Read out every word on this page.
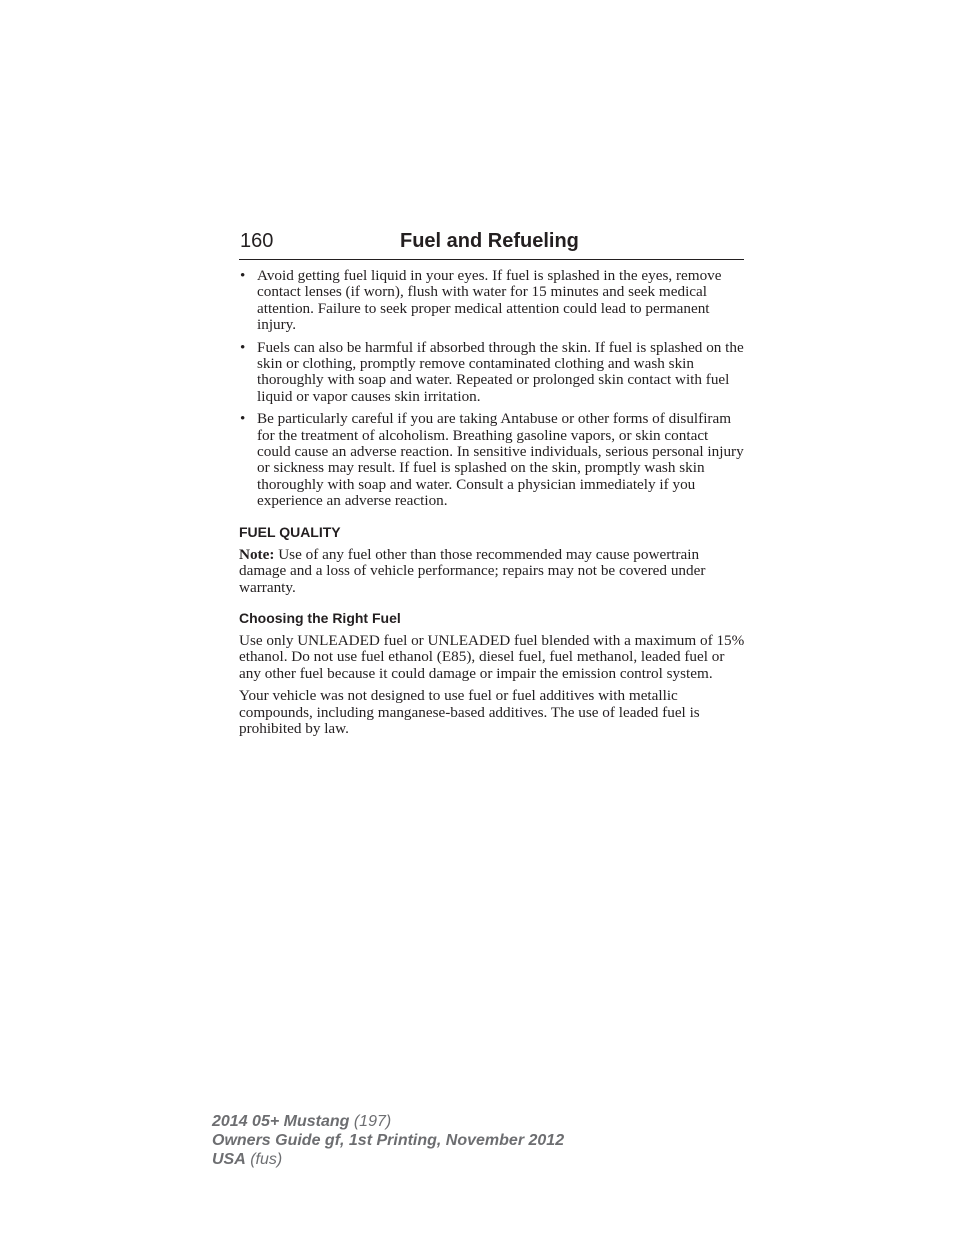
160	Fuel and Refueling
• Avoid getting fuel liquid in your eyes. If fuel is splashed in the eyes, remove contact lenses (if worn), flush with water for 15 minutes and seek medical attention. Failure to seek proper medical attention could lead to permanent injury.
• Fuels can also be harmful if absorbed through the skin. If fuel is splashed on the skin or clothing, promptly remove contaminated clothing and wash skin thoroughly with soap and water. Repeated or prolonged skin contact with fuel liquid or vapor causes skin irritation.
• Be particularly careful if you are taking Antabuse or other forms of disulfiram for the treatment of alcoholism. Breathing gasoline vapors, or skin contact could cause an adverse reaction. In sensitive individuals, serious personal injury or sickness may result. If fuel is splashed on the skin, promptly wash skin thoroughly with soap and water. Consult a physician immediately if you experience an adverse reaction.
FUEL QUALITY

Note: Use of any fuel other than those recommended may cause powertrain damage and a loss of vehicle performance; repairs may not be covered under warranty.

Choosing the Right Fuel

Use only UNLEADED fuel or UNLEADED fuel blended with a maximum of 15% ethanol. Do not use fuel ethanol (E85), diesel fuel, fuel methanol, leaded fuel or any other fuel because it could damage or impair the emission control system.

Your vehicle was not designed to use fuel or fuel additives with metallic compounds, including manganese-based additives. The use of leaded fuel is prohibited by law.

2014 05+ Mustang (197)
Owners Guide gf, 1st Printing, November 2012
USA (fus)
